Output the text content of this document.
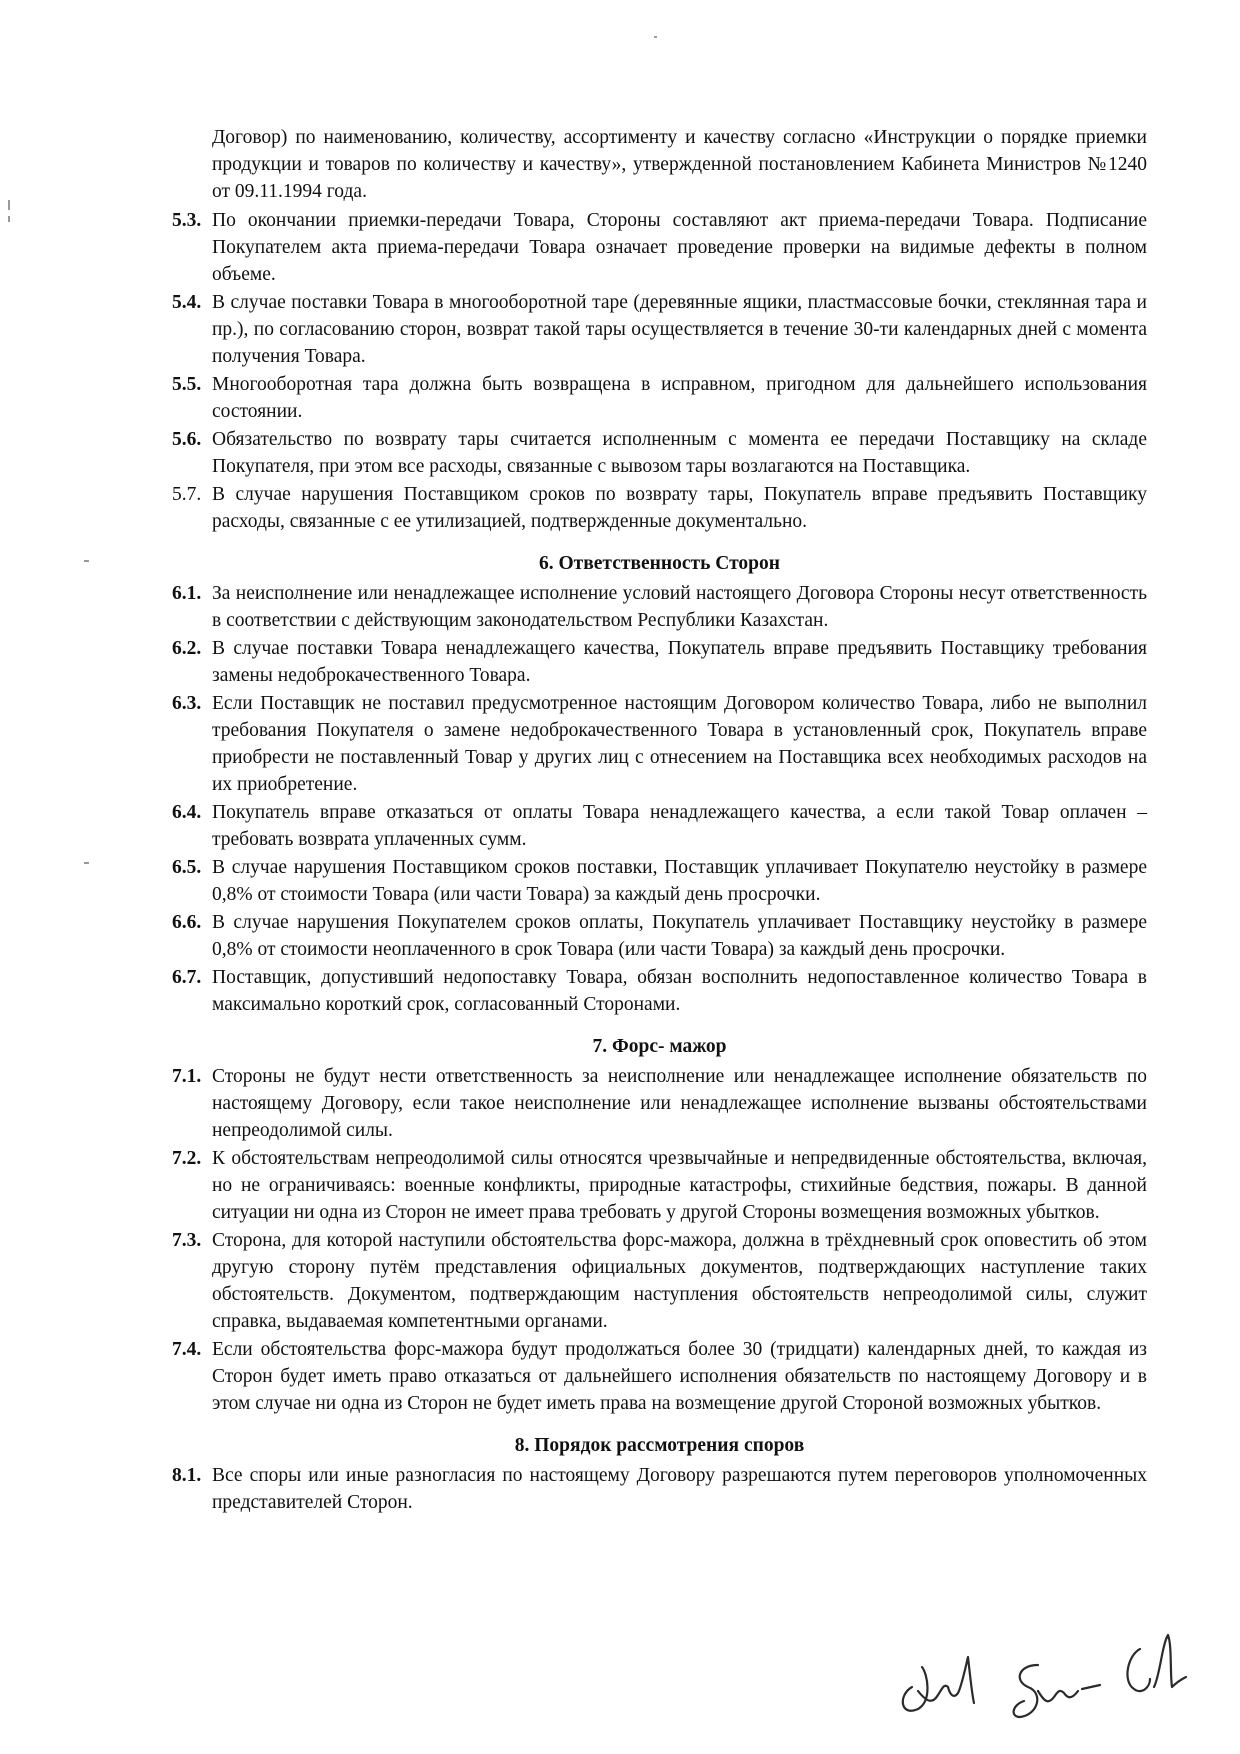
Договор) по наименованию, количеству, ассортименту и качеству согласно «Инструкции о порядке приемки продукции и товаров по количеству и качеству», утвержденной постановлением Кабинета Министров №1240 от 09.11.1994 года.
5.3. По окончании приемки-передачи Товара, Стороны составляют акт приема-передачи Товара. Подписание Покупателем акта приема-передачи Товара означает проведение проверки на видимые дефекты в полном объеме.
5.4. В случае поставки Товара в многооборотной таре (деревянные ящики, пластмассовые бочки, стеклянная тара и пр.), по согласованию сторон, возврат такой тары осуществляется в течение 30-ти календарных дней с момента получения Товара.
5.5. Многооборотная тара должна быть возвращена в исправном, пригодном для дальнейшего использования состоянии.
5.6. Обязательство по возврату тары считается исполненным с момента ее передачи Поставщику на складе Покупателя, при этом все расходы, связанные с вывозом тары возлагаются на Поставщика.
5.7. В случае нарушения Поставщиком сроков по возврату тары, Покупатель вправе предъявить Поставщику расходы, связанные с ее утилизацией, подтвержденные документально.
6. Ответственность Сторон
6.1. За неисполнение или ненадлежащее исполнение условий настоящего Договора Стороны несут ответственность в соответствии с действующим законодательством Республики Казахстан.
6.2. В случае поставки Товара ненадлежащего качества, Покупатель вправе предъявить Поставщику требования замены недоброкачественного Товара.
6.3. Если Поставщик не поставил предусмотренное настоящим Договором количество Товара, либо не выполнил требования Покупателя о замене недоброкачественного Товара в установленный срок, Покупатель вправе приобрести не поставленный Товар у других лиц с отнесением на Поставщика всех необходимых расходов на их приобретение.
6.4. Покупатель вправе отказаться от оплаты Товара ненадлежащего качества, а если такой Товар оплачен – требовать возврата уплаченных сумм.
6.5. В случае нарушения Поставщиком сроков поставки, Поставщик уплачивает Покупателю неустойку в размере 0,8% от стоимости Товара (или части Товара) за каждый день просрочки.
6.6. В случае нарушения Покупателем сроков оплаты, Покупатель уплачивает Поставщику неустойку в размере 0,8% от стоимости неоплаченного в срок Товара (или части Товара) за каждый день просрочки.
6.7. Поставщик, допустивший недопоставку Товара, обязан восполнить недопоставленное количество Товара в максимально короткий срок, согласованный Сторонами.
7. Форс- мажор
7.1. Стороны не будут нести ответственность за неисполнение или ненадлежащее исполнение обязательств по настоящему Договору, если такое неисполнение или ненадлежащее исполнение вызваны обстоятельствами непреодолимой силы.
7.2. К обстоятельствам непреодолимой силы относятся чрезвычайные и непредвиденные обстоятельства, включая, но не ограничиваясь: военные конфликты, природные катастрофы, стихийные бедствия, пожары. В данной ситуации ни одна из Сторон не имеет права требовать у другой Стороны возмещения возможных убытков.
7.3. Сторона, для которой наступили обстоятельства форс-мажора, должна в трёхдневный срок оповестить об этом другую сторону путём представления официальных документов, подтверждающих наступление таких обстоятельств. Документом, подтверждающим наступления обстоятельств непреодолимой силы, служит справка, выдаваемая компетентными органами.
7.4. Если обстоятельства форс-мажора будут продолжаться более 30 (тридцати) календарных дней, то каждая из Сторон будет иметь право отказаться от дальнейшего исполнения обязательств по настоящему Договору и в этом случае ни одна из Сторон не будет иметь права на возмещение другой Стороной возможных убытков.
8. Порядок рассмотрения споров
8.1. Все споры или иные разногласия по настоящему Договору разрешаются путем переговоров уполномоченных представителей Сторон.
